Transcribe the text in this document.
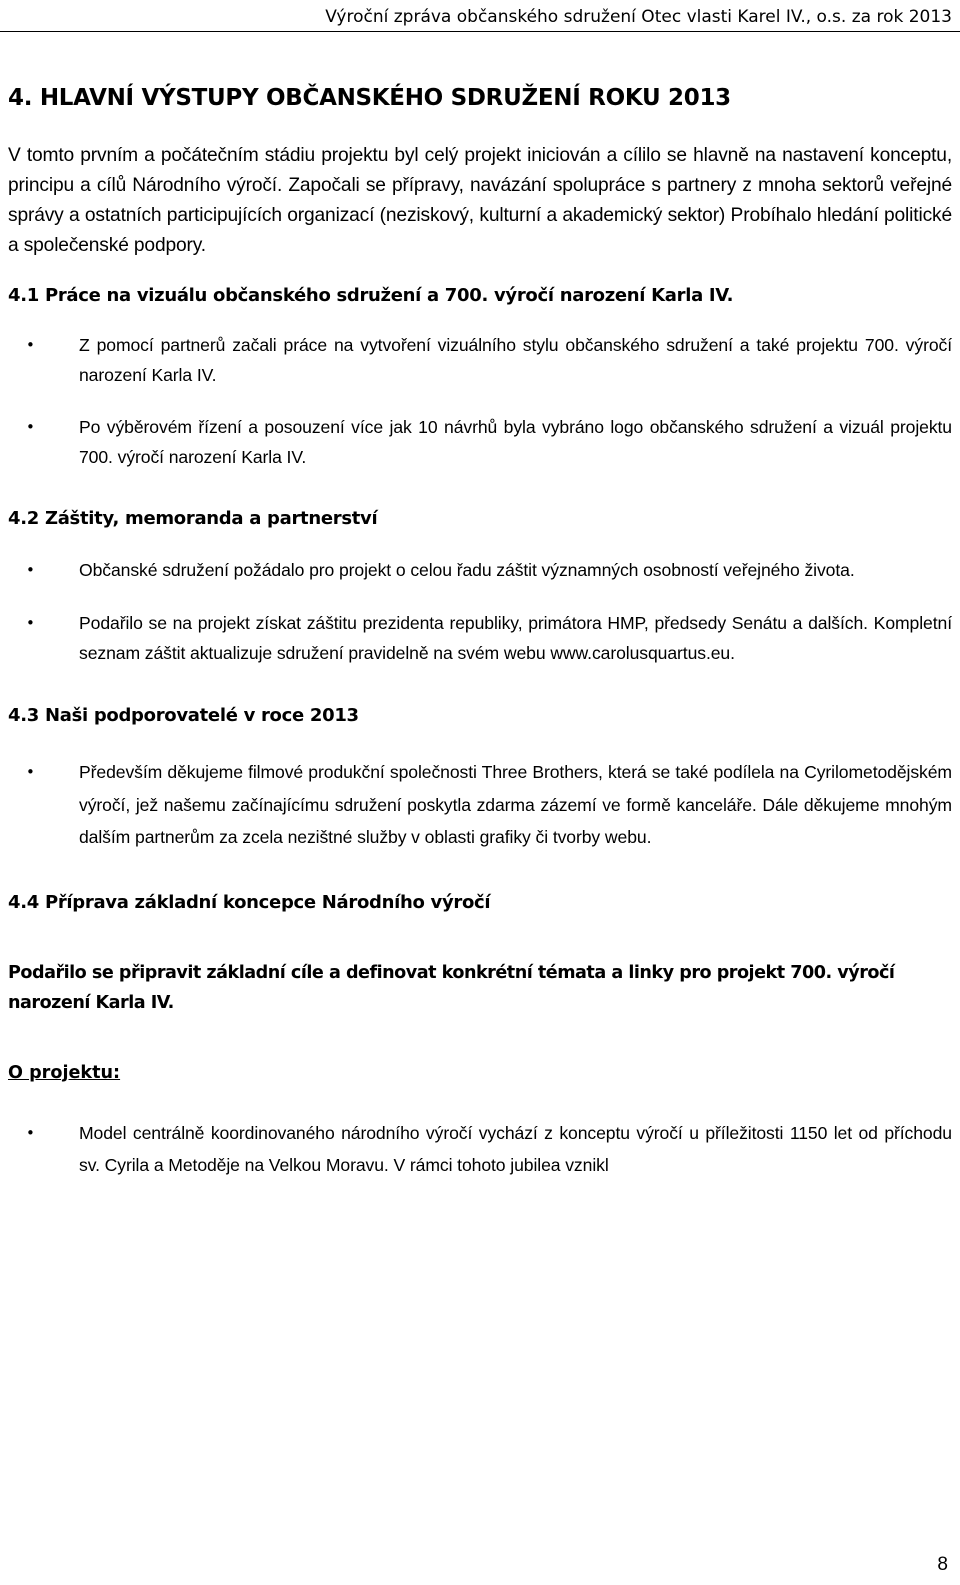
Výroční zpráva občanského sdružení Otec vlasti Karel IV., o.s. za rok 2013
4. HLAVNÍ VÝSTUPY OBČANSKÉHO SDRUŽENÍ ROKU 2013

V tomto prvním a počátečním stádiu projektu byl celý projekt iniciován a cílilo se hlavně na nastavení konceptu, principu a cílů Národního výročí. Započali se přípravy, navázání spolupráce s partnery z mnoha sektorů veřejné správy a ostatních participujících organizací (neziskový, kulturní a akademický sektor) Probíhalo hledání politické a společenské podpory.

4.1 Práce na vizuálu občanského sdružení a 700. výročí narození Karla IV.
• Z pomocí partnerů začali práce na vytvoření vizuálního stylu občanského sdružení a také projektu 700. výročí narození Karla IV.
• Po výběrovém řízení a posouzení více jak 10 návrhů byla vybráno logo občanského sdružení a vizuál projektu 700. výročí narození Karla IV.
4.2 Záštity, memoranda a partnerství
• Občanské sdružení požádalo pro projekt o celou řadu záštit významných osobností veřejného života.
• Podařilo se na projekt získat záštitu prezidenta republiky, primátora HMP, předsedy Senátu a dalších. Kompletní seznam záštit aktualizuje sdružení pravidelně na svém webu www.carolusquartus.eu.
4.3 Naši podporovatelé v roce 2013
• Především děkujeme filmové produkční společnosti Three Brothers, která se také podílela na Cyrilometodějském výročí, jež našemu začínajícímu sdružení poskytla zdarma zázemí ve formě kanceláře. Dále děkujeme mnohým dalším partnerům za zcela nezištné služby v oblasti grafiky či tvorby webu.
4.4 Příprava základní koncepce Národního výročí

Podařilo se připravit základní cíle a definovat konkrétní témata a linky pro projekt 700. výročí narození Karla IV.

O projektu:

• Model centrálně koordinovaného národního výročí vychází z konceptu výročí u příležitosti 1150 let od příchodu sv. Cyrila a Metoděje na Velkou Moravu. V rámci tohoto jubilea vznikl
8
